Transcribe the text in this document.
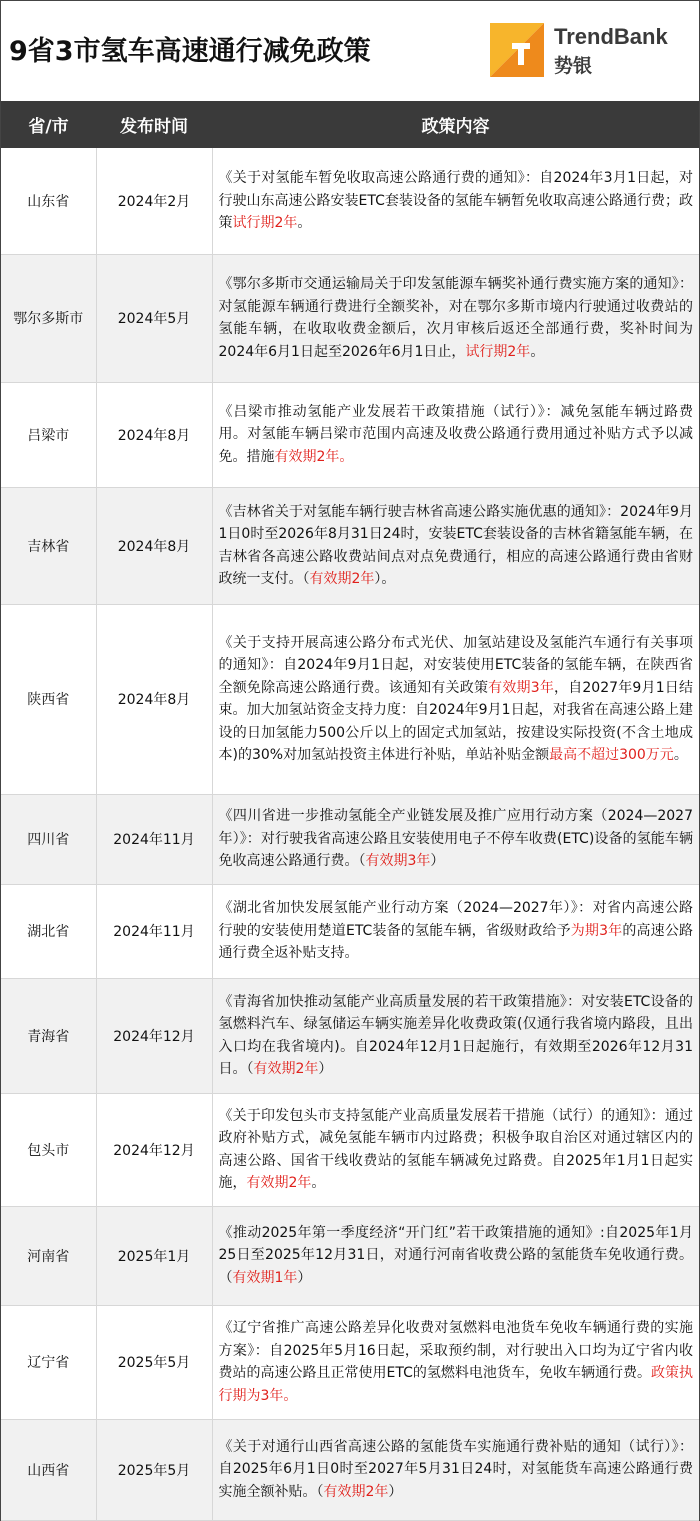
9省3市氢车高速通行减免政策	TrendBank
势银
省/市	发布时间	政策内容
山东省	2024年2月	《关于对氢能车暂免收取高速公路通行费的通知》：自2024年3月1日起，对行驶山东高速公路安装ETC套装设备的氢能车辆暂免收取高速公路通行费；政策试行期2年。
鄂尔多斯市	2024年5月	《鄂尔多斯市交通运输局关于印发氢能源车辆奖补通行费实施方案的通知》：对氢能源车辆通行费进行全额奖补，对在鄂尔多斯市境内行驶通过收费站的氢能车辆，在收取收费金额后，次月审核后返还全部通行费，奖补时间为2024年6月1日起至2026年6月1日止，试行期2年。
吕梁市	2024年8月	《吕梁市推动氢能产业发展若干政策措施（试行）》：减免氢能车辆过路费用。对氢能车辆吕梁市范围内高速及收费公路通行费用通过补贴方式予以减免。措施有效期2年。
吉林省	2024年8月	《吉林省关于对氢能车辆行驶吉林省高速公路实施优惠的通知》：2024年9月1日0时至2026年8月31日24时，安装ETC套装设备的吉林省籍氢能车辆，在吉林省各高速公路收费站间点对点免费通行，相应的高速公路通行费由省财政统一支付。（有效期2年）。
陕西省	2024年8月	《关于支持开展高速公路分布式光伏、加氢站建设及氢能汽车通行有关事项的通知》：自2024年9月1日起，对安装使用ETC装备的氢能车辆，在陕西省全额免除高速公路通行费。该通知有关政策有效期3年，自2027年9月1日结束。加大加氢站资金支持力度：自2024年9月1日起，对我省在高速公路上建设的日加氢能力500公斤以上的固定式加氢站，按建设实际投资(不含土地成本)的30%对加氢站投资主体进行补贴，单站补贴金额最高不超过300万元。
四川省	2024年11月	《四川省进一步推动氢能全产业链发展及推广应用行动方案（2024—2027年）》：对行驶我省高速公路且安装使用电子不停车收费(ETC)设备的氢能车辆免收高速公路通行费。（有效期3年）
湖北省	2024年11月	《湖北省加快发展氢能产业行动方案（2024—2027年）》：对省内高速公路行驶的安装使用楚道ETC装备的氢能车辆，省级财政给予为期3年的高速公路通行费全返补贴支持。
青海省	2024年12月	《青海省加快推动氢能产业高质量发展的若干政策措施》：对安装ETC设备的氢燃料汽车、绿氢储运车辆实施差异化收费政策(仅通行我省境内路段，且出入口均在我省境内)。自2024年12月1日起施行，有效期至2026年12月31日。（有效期2年）
包头市	2024年12月	《关于印发包头市支持氢能产业高质量发展若干措施（试行）的通知》：通过政府补贴方式，减免氢能车辆市内过路费；积极争取自治区对通过辖区内的高速公路、国省干线收费站的氢能车辆减免过路费。自2025年1月1日起实施，有效期2年。
河南省	2025年1月	《推动2025年第一季度经济“开门红”若干政策措施的通知》:自2025年1月25日至2025年12月31日，对通行河南省收费公路的氢能货车免收通行费。（有效期1年）
辽宁省	2025年5月	《辽宁省推广高速公路差异化收费对氢燃料电池货车免收车辆通行费的实施方案》：自2025年5月16日起，采取预约制，对行驶出入口均为辽宁省内收费站的高速公路且正常使用ETC的氢燃料电池货车，免收车辆通行费。政策执行期为3年。
山西省	2025年5月	《关于对通行山西省高速公路的氢能货车实施通行费补贴的通知（试行）》：自2025年6月1日0时至2027年5月31日24时，对氢能货车高速公路通行费实施全额补贴。（有效期2年）
